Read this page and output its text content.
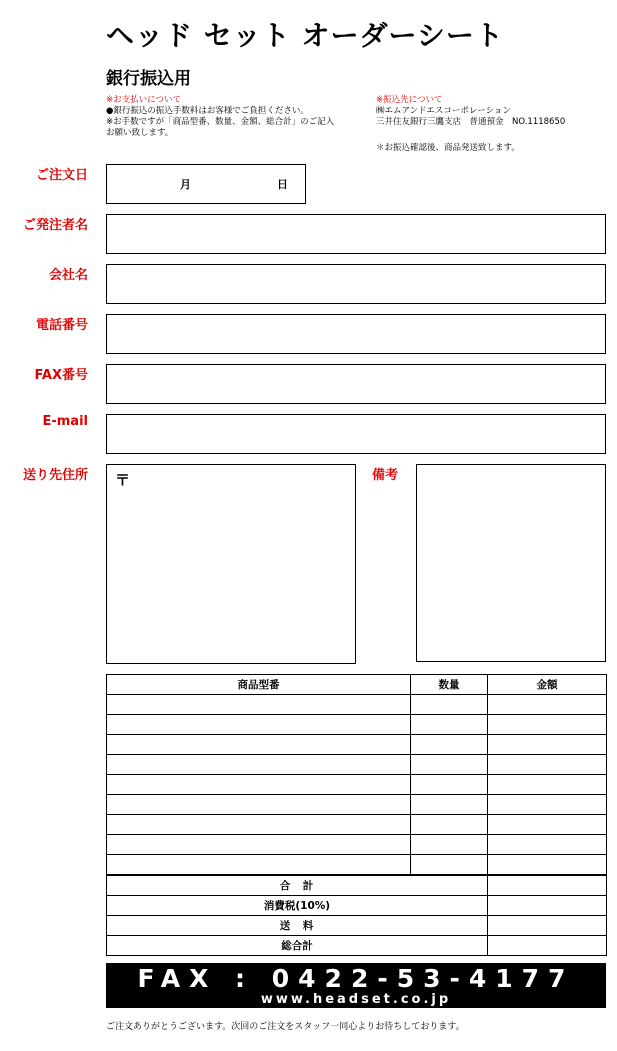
ヘッド セット オーダーシート
銀行振込用
※お支払いについて
●銀行振込の振込手数料はお客様でご負担ください。
※お手数ですが「商品型番、数量、金額、総合計」のご記入
お願い致します。
※振込先について
㈱エムアンドエスコーポレーション
三井住友銀行三鷹支店　普通預金　NO.1118650
＊お振込確認後、商品発送致します。
ご注文日
月	日
ご発注者名
会社名
電話番号
FAX番号
E-mail
送り先住所 〒	備考
商品型番	数量	金額

合　計		
消費税(10%)		
送　料		
総合計		
FAX : 0422-53-4177
www.headset.co.jp
ご注文ありがとうございます。次回のご注文をスタッフ一同心よりお待ちしております。
